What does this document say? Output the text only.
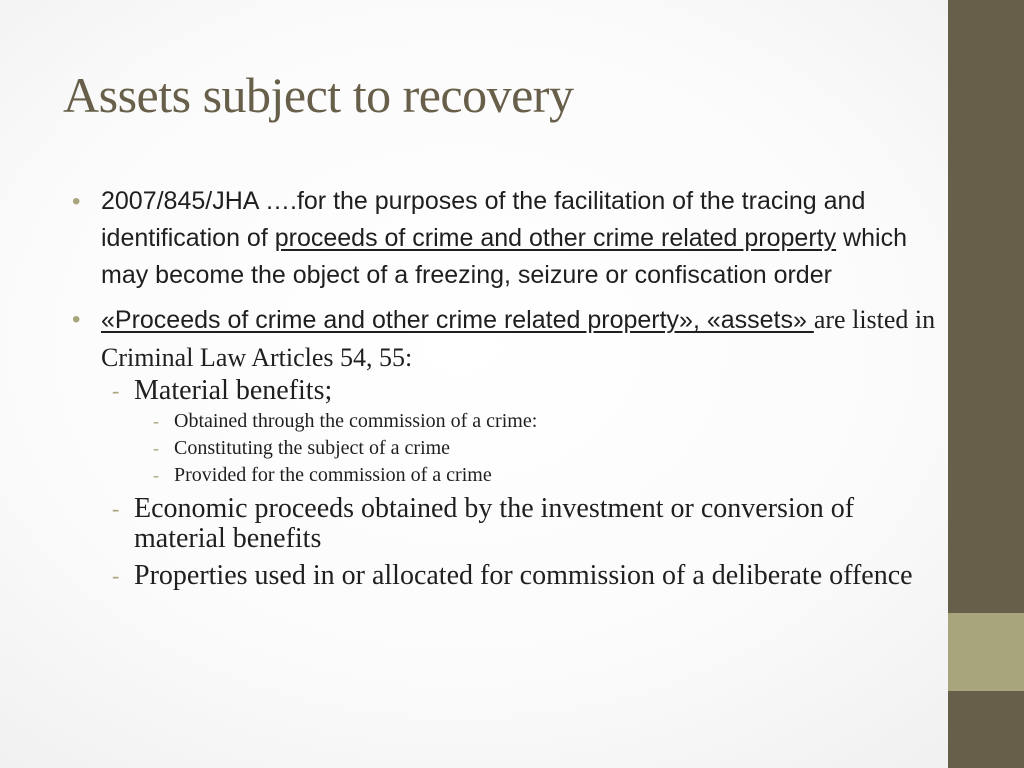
Assets subject to recovery
• 2007/845/JHA ….for the purposes of the facilitation of the tracing and identification of proceeds of crime and other crime related property which may become the object of a freezing, seizure or confiscation order
• «Proceeds of crime and other crime related property», «assets» are listed in Criminal Law Articles 54, 55:
- Material benefits;
- Obtained through the commission of a crime:
- Constituting the subject of a crime
- Provided for the commission of a crime
- Economic proceeds obtained by the investment or conversion of material benefits
- Properties used in or allocated for commission of a deliberate offence
